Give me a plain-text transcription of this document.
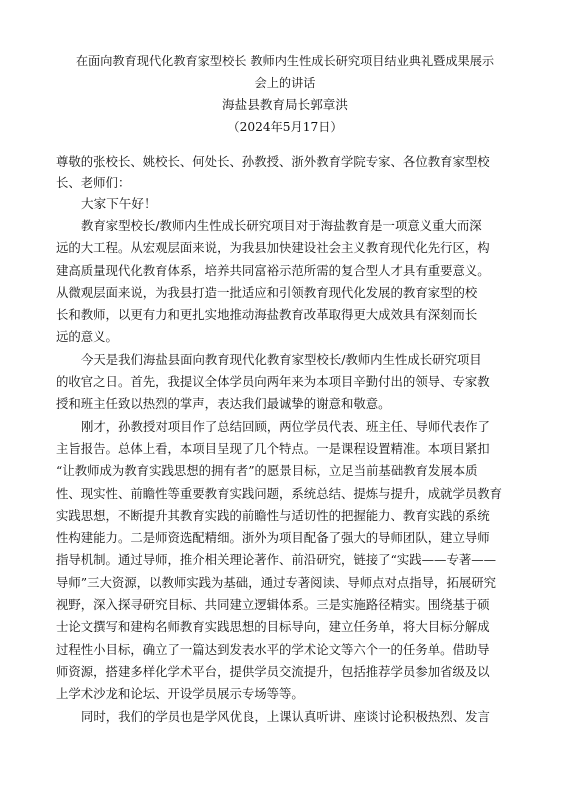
在面向教育现代化教育家型校长 教师内生性成长研究项目结业典礼暨成果展示
会上的讲话

海盐县教育局长郭章洪

（2024年5月17日）

尊敬的张校长、姚校长、何处长、孙教授、浙外教育学院专家、各位教育家型校
长、老师们：

大家下午好！

教育家型校长/教师内生性成长研究项目对于海盐教育是一项意义重大而深
远的大工程。从宏观层面来说，为我县加快建设社会主义教育现代化先行区，构
建高质量现代化教育体系，培养共同富裕示范所需的复合型人才具有重要意义。
从微观层面来说，为我县打造一批适应和引领教育现代化发展的教育家型的校
长和教师，以更有力和更扎实地推动海盐教育改革取得更大成效具有深刻而长
远的意义。
今天是我们海盐县面向教育现代化教育家型校长/教师内生性成长研究项目
的收官之日。首先，我提议全体学员向两年来为本项目辛勤付出的领导、专家教
授和班主任致以热烈的掌声，表达我们最诚挚的谢意和敬意。
刚才，孙教授对项目作了总结回顾，两位学员代表、班主任、导师代表作了
主旨报告。总体上看，本项目呈现了几个特点。一是课程设置精准。本项目紧扣
“让教师成为教育实践思想的拥有者”的愿景目标，立足当前基础教育发展本质
性、现实性、前瞻性等重要教育实践问题，系统总结、提炼与提升，成就学员教育
实践思想，不断提升其教育实践的前瞻性与适切性的把握能力、教育实践的系统
性构建能力。二是师资选配精细。浙外为项目配备了强大的导师团队，建立导师
指导机制。通过导师，推介相关理论著作、前沿研究，链接了“实践——专著——
导师”三大资源，以教师实践为基础，通过专著阅读、导师点对点指导，拓展研究
视野，深入探寻研究目标、共同建立逻辑体系。三是实施路径精实。围绕基于硕
士论文撰写和建构名师教育实践思想的目标导向，建立任务单，将大目标分解成
过程性小目标，确立了一篇达到发表水平的学术论文等六个一的任务单。借助导
师资源，搭建多样化学术平台，提供学员交流提升，包括推荐学员参加省级及以
上学术沙龙和论坛、开设学员展示专场等等。
同时，我们的学员也是学风优良，上课认真听讲、座谈讨论积极热烈、发言
